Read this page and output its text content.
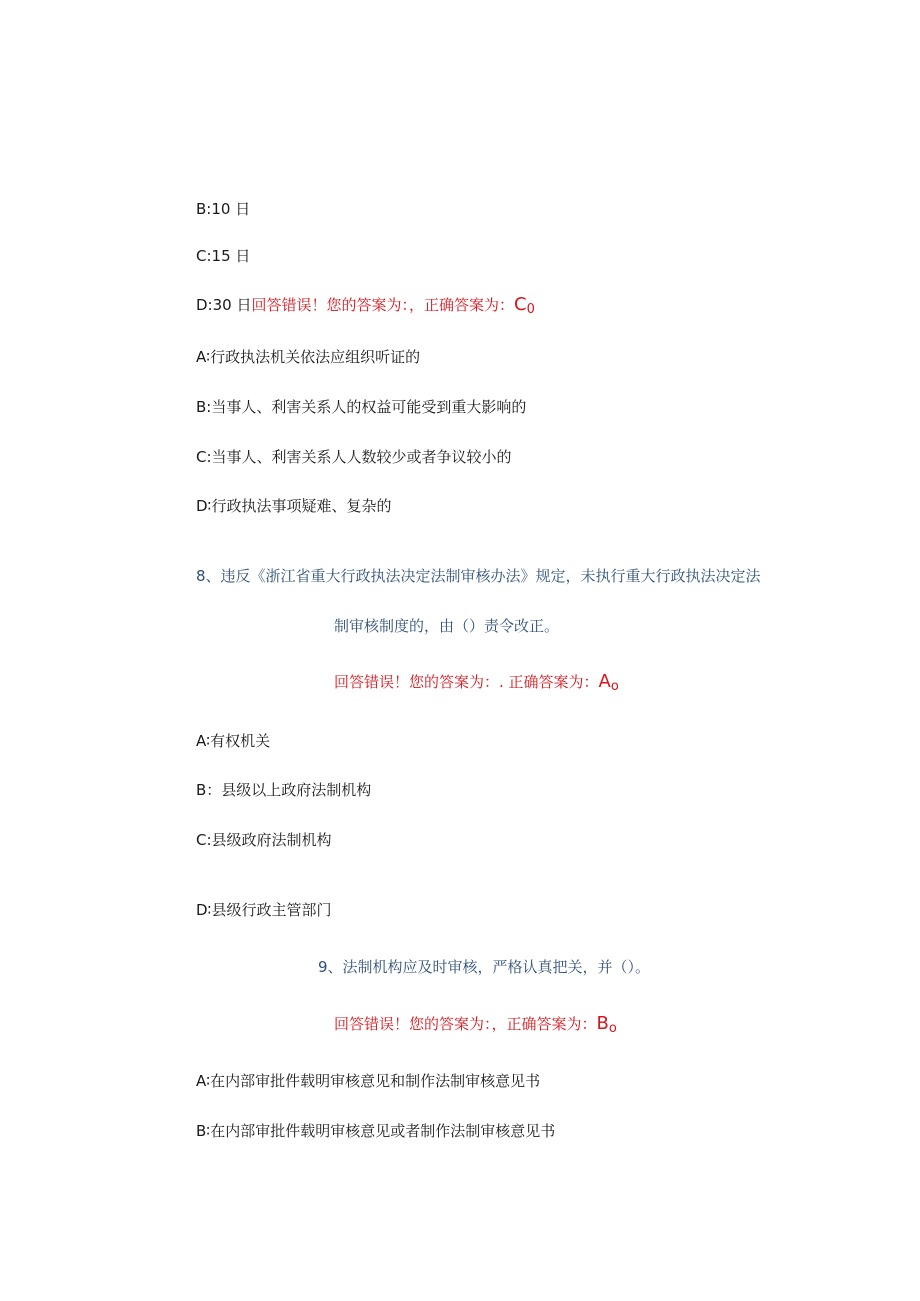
B:10 日
C:15 日
D:30 日回答错误！您的答案为：，正确答案为：C0
A∶行政执法机关依法应组织听证的
B:当事人、利害关系人的权益可能受到重大影响的
C:当事人、利害关系人人数较少或者争议较小的
D∶行政执法事项疑难、复杂的
8、违反《浙江省重大行政执法决定法制审核办法》规定，未执行重大行政执法决定法
制审核制度的，由（）责令改正。
回答错误！您的答案为：. 正确答案为：Ao
A∶有权机关
B：县级以上政府法制机构
C:县级政府法制机构
D∶县级行政主管部门
9、法制机构应及时审核，严格认真把关，并（）。
回答错误！您的答案为：，正确答案为：Bo
A∶在内部审批件载明审核意见和制作法制审核意见书
B∶在内部审批件载明审核意见或者制作法制审核意见书
